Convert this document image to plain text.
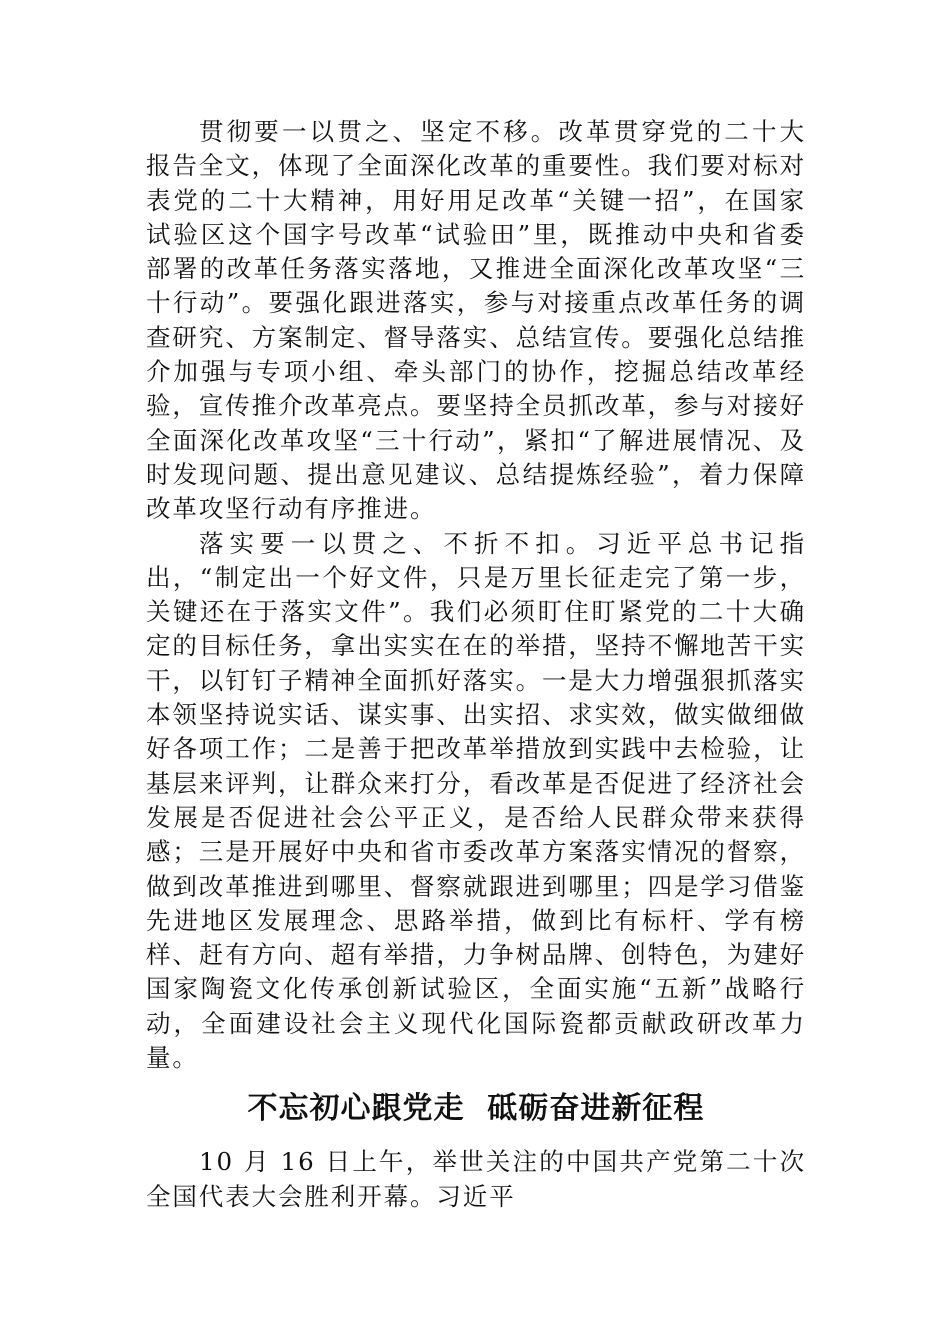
贯彻要一以贯之、坚定不移。改革贯穿党的二十大报告全文，体现了全面深化改革的重要性。我们要对标对表党的二十大精神，用好用足改革“关键一招”，在国家试验区这个国字号改革“试验田”里，既推动中央和省委部署的改革任务落实落地，又推进全面深化改革攻坚“三十行动”。要强化跟进落实，参与对接重点改革任务的调查研究、方案制定、督导落实、总结宣传。要强化总结推介加强与专项小组、牵头部门的协作，挖掘总结改革经验，宣传推介改革亮点。要坚持全员抓改革，参与对接好全面深化改革攻坚“三十行动”，紧扣“了解进展情况、及时发现问题、提出意见建议、总结提炼经验”，着力保障改革攻坚行动有序推进。

落实要一以贯之、不折不扣。习近平总书记指出，“制定出一个好文件，只是万里长征走完了第一步，关键还在于落实文件”。我们必须盯住盯紧党的二十大确定的目标任务，拿出实实在在的举措，坚持不懈地苦干实干，以钉钉子精神全面抓好落实。一是大力增强狠抓落实本领坚持说实话、谋实事、出实招、求实效，做实做细做好各项工作；二是善于把改革举措放到实践中去检验，让基层来评判，让群众来打分，看改革是否促进了经济社会发展是否促进社会公平正义，是否给人民群众带来获得感；三是开展好中央和省市委改革方案落实情况的督察，做到改革推进到哪里、督察就跟进到哪里；四是学习借鉴先进地区发展理念、思路举措，做到比有标杆、学有榜样、赶有方向、超有举措，力争树品牌、创特色，为建好国家陶瓷文化传承创新试验区，全面实施“五新”战略行动，全面建设社会主义现代化国际瓷都贡献政研改革力量。

不忘初心跟党走  砥砺奋进新征程

10 月 16 日上午，举世关注的中国共产党第二十次全国代表大会胜利开幕。习近平
